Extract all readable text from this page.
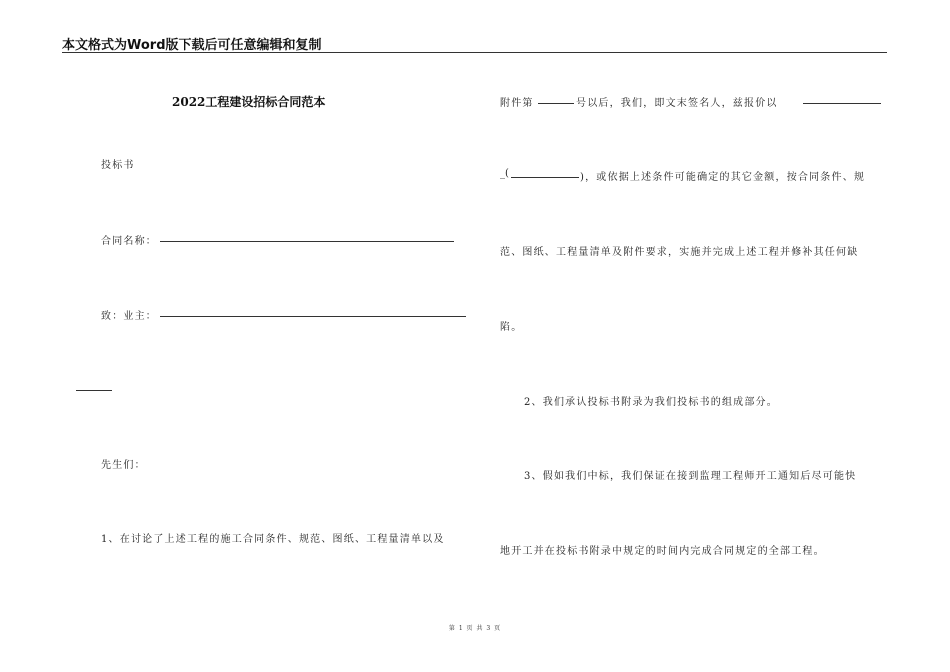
本文格式为Word版下载后可任意编辑和复制
2022工程建设招标合同范本
投标书
合同名称：
致：业主：
先生们：
1、在讨论了上述工程的施工合同条件、规范、图纸、工程量清单以及
附件第	号以后，我们，即文末签名人，兹报价以
_(	)，或依据上述条件可能确定的其它金额，按合同条件、规
范、图纸、工程量清单及附件要求，实施并完成上述工程并修补其任何缺
陷。
2、我们承认投标书附录为我们投标书的组成部分。
3、假如我们中标，我们保证在接到监理工程师开工通知后尽可能快
地开工并在投标书附录中规定的时间内完成合同规定的全部工程。
第 1 页 共 3 页
